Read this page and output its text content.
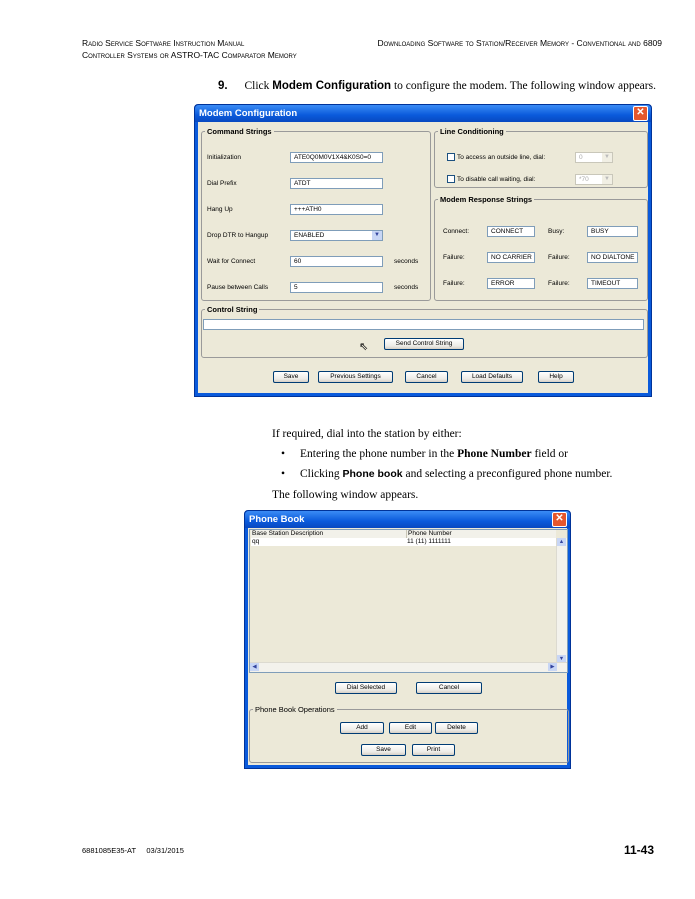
Radio Service Software Instruction Manual	Downloading Software to Station/Receiver Memory - Conventional and 6809
Controller Systems or ASTRO-TAC Comparator Memory
9. Click Modem Configuration to configure the modem. The following window appears.
Modem Configuration	✕
Command Strings
Initialization	ATE0Q0M0V1X4&K0S0=0
Dial Prefix	ATDT
Hang Up	+++ATH0
Drop DTR to Hangup	ENABLED	▼
Wait for Connect	60	seconds
Pause between Calls	5	seconds
Line Conditioning
To access an outside line, dial:	0	▼
To disable call waiting, dial:	*70	▼
Modem Response Strings
Connect:	CONNECT	Busy:	BUSY
Failure:	NO CARRIER	Failure:	NO DIALTONE
Failure:	ERROR	Failure:	TIMEOUT
Control String
Send Control String
⇖
Save	Previous Settings	Cancel	Load Defaults	Help
If required, dial into the station by either:
• Entering the phone number in the Phone Number field or
• Clicking Phone book and selecting a preconfigured phone number.
The following window appears.
Phone Book	✕
Base Station Description	Phone Number
qq	11 (11) 1111111	▲
▼
◀	▶
Dial Selected	Cancel
Phone Book Operations
Add	Edit	Delete
Save	Print
6881085E35-AT     03/31/2015	11-43
